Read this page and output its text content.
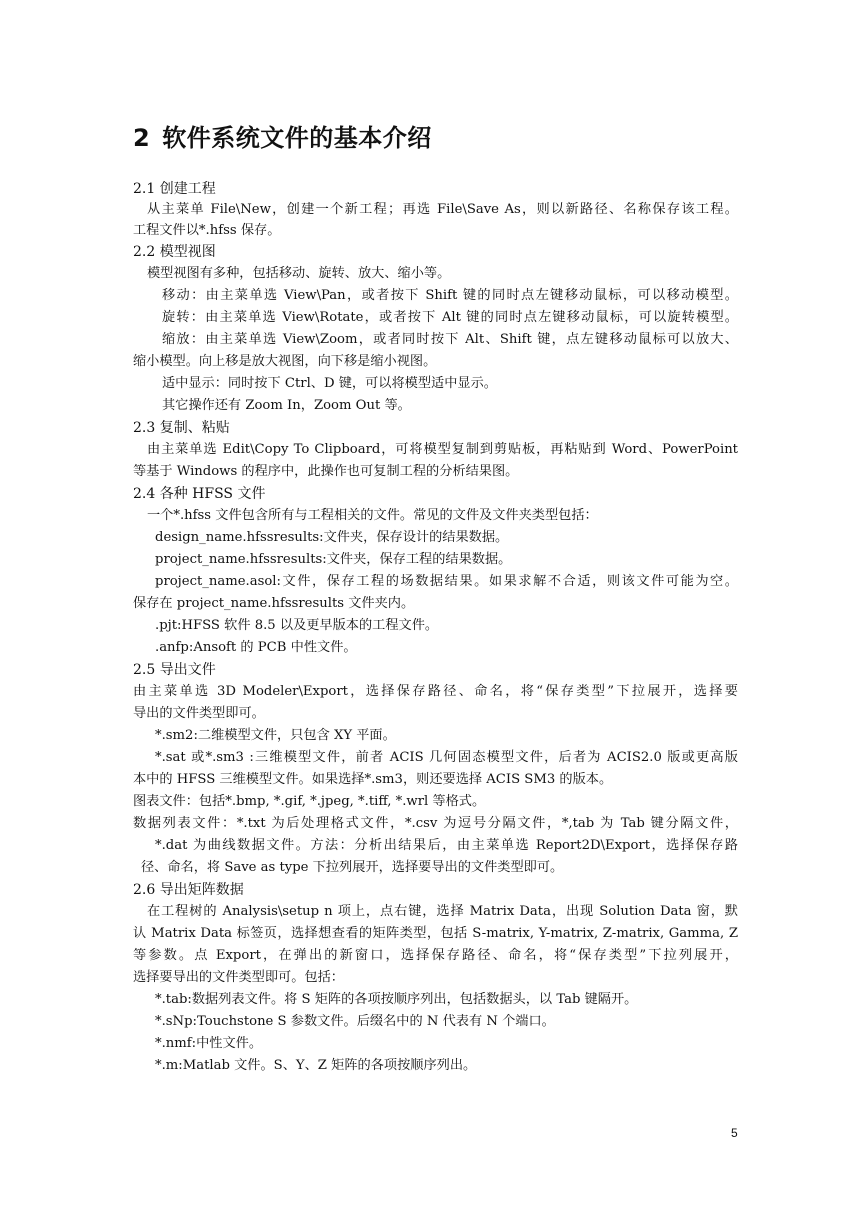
2 软件系统文件的基本介绍
2.1 创建工程
从主菜单 File\New，创建一个新工程；再选 File\Save As，则以新路径、名称保存该工程。
工程文件以*.hfss 保存。
2.2 模型视图
模型视图有多种，包括移动、旋转、放大、缩小等。
移动：由主菜单选 View\Pan，或者按下 Shift 键的同时点左键移动鼠标，可以移动模型。
旋转：由主菜单选 View\Rotate，或者按下 Alt 键的同时点左键移动鼠标，可以旋转模型。
缩放：由主菜单选 View\Zoom，或者同时按下 Alt、Shift 键，点左键移动鼠标可以放大、
缩小模型。向上移是放大视图，向下移是缩小视图。
适中显示：同时按下 Ctrl、D 键，可以将模型适中显示。
其它操作还有 Zoom In，Zoom Out 等。
2.3 复制、粘贴
由主菜单选 Edit\Copy To Clipboard，可将模型复制到剪贴板，再粘贴到 Word、PowerPoint
等基于 Windows 的程序中，此操作也可复制工程的分析结果图。
2.4 各种 HFSS 文件
一个*.hfss 文件包含所有与工程相关的文件。常见的文件及文件夹类型包括：
design_name.hfssresults:文件夹，保存设计的结果数据。
project_name.hfssresults:文件夹，保存工程的结果数据。
project_name.asol:文件，保存工程的场数据结果。如果求解不合适，则该文件可能为空。
保存在 project_name.hfssresults 文件夹内。
.pjt:HFSS 软件 8.5 以及更早版本的工程文件。
.anfp:Ansoft 的 PCB 中性文件。
2.5 导出文件
由主菜单选 3D Modeler\Export，选择保存路径、命名，将“保存类型”下拉展开，选择要
导出的文件类型即可。
*.sm2:二维模型文件，只包含 XY 平面。
*.sat 或*.sm3 :三维模型文件，前者 ACIS 几何固态模型文件，后者为 ACIS2.0 版或更高版
本中的 HFSS 三维模型文件。如果选择*.sm3，则还要选择 ACIS SM3 的版本。
图表文件：包括*.bmp, *.gif, *.jpeg, *.tiff, *.wrl 等格式。
数据列表文件：*.txt 为后处理格式文件，*.csv 为逗号分隔文件，*,tab 为 Tab 键分隔文件，
*.dat 为曲线数据文件。方法：分析出结果后，由主菜单选 Report2D\Export，选择保存路
径、命名，将 Save as type 下拉列展开，选择要导出的文件类型即可。
2.6 导出矩阵数据
在工程树的 Analysis\setup n 项上，点右键，选择 Matrix Data，出现 Solution Data 窗，默
认 Matrix Data 标签页，选择想查看的矩阵类型，包括 S-matrix, Y-matrix, Z-matrix, Gamma, Z
等参数。点 Export，在弹出的新窗口，选择保存路径、命名，将“保存类型”下拉列展开，
选择要导出的文件类型即可。包括：
*.tab:数据列表文件。将 S 矩阵的各项按顺序列出，包括数据头，以 Tab 键隔开。
*.sNp:Touchstone S 参数文件。后缀名中的 N 代表有 N 个端口。
*.nmf:中性文件。
*.m:Matlab 文件。S、Y、Z 矩阵的各项按顺序列出。
5
